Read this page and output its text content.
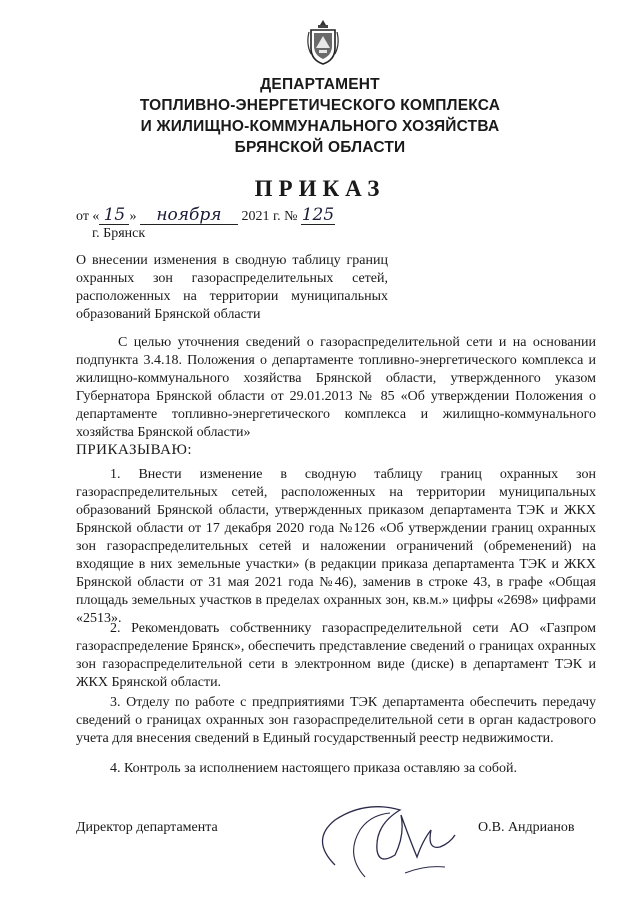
ДЕПАРТАМЕНТ
ТОПЛИВНО-ЭНЕРГЕТИЧЕСКОГО КОМПЛЕКСА
И ЖИЛИЩНО-КОММУНАЛЬНОГО ХОЗЯЙСТВА
БРЯНСКОЙ ОБЛАСТИ
ПРИКАЗ
от « 15 » ноября 2021 г. № 125
г. Брянск
О внесении изменения в сводную таблицу границ охранных зон газораспределительных сетей, расположенных на территории муниципальных образований Брянской области
С целью уточнения сведений о газораспределительной сети и на основании подпункта 3.4.18. Положения о департаменте топливно-энергетического комплекса и жилищно-коммунального хозяйства Брянской области, утвержденного указом Губернатора Брянской области от 29.01.2013 № 85 «Об утверждении Положения о департаменте топливно-энергетического комплекса и жилищно-коммунального хозяйства Брянской области»
ПРИКАЗЫВАЮ:
1. Внести изменение в сводную таблицу границ охранных зон газораспределительных сетей, расположенных на территории муниципальных образований Брянской области, утвержденных приказом департамента ТЭК и ЖКХ Брянской области от 17 декабря 2020 года №126 «Об утверждении границ охранных зон газораспределительных сетей и наложении ограничений (обременений) на входящие в них земельные участки» (в редакции приказа департамента ТЭК и ЖКХ Брянской области от 31 мая 2021 года №46), заменив в строке 43, в графе «Общая площадь земельных участков в пределах охранных зон, кв.м.» цифры «2698» цифрами «2513».
2. Рекомендовать собственнику газораспределительной сети АО «Газпром газораспределение Брянск», обеспечить представление сведений о границах охранных зон газораспределительной сети в электронном виде (диске) в департамент ТЭК и ЖКХ Брянской области.
3. Отделу по работе с предприятиями ТЭК департамента обеспечить передачу сведений о границах охранных зон газораспределительной сети в орган кадастрового учета для внесения сведений в Единый государственный реестр недвижимости.
4. Контроль за исполнением настоящего приказа оставляю за собой.
Директор департамента	О.В. Андрианов
